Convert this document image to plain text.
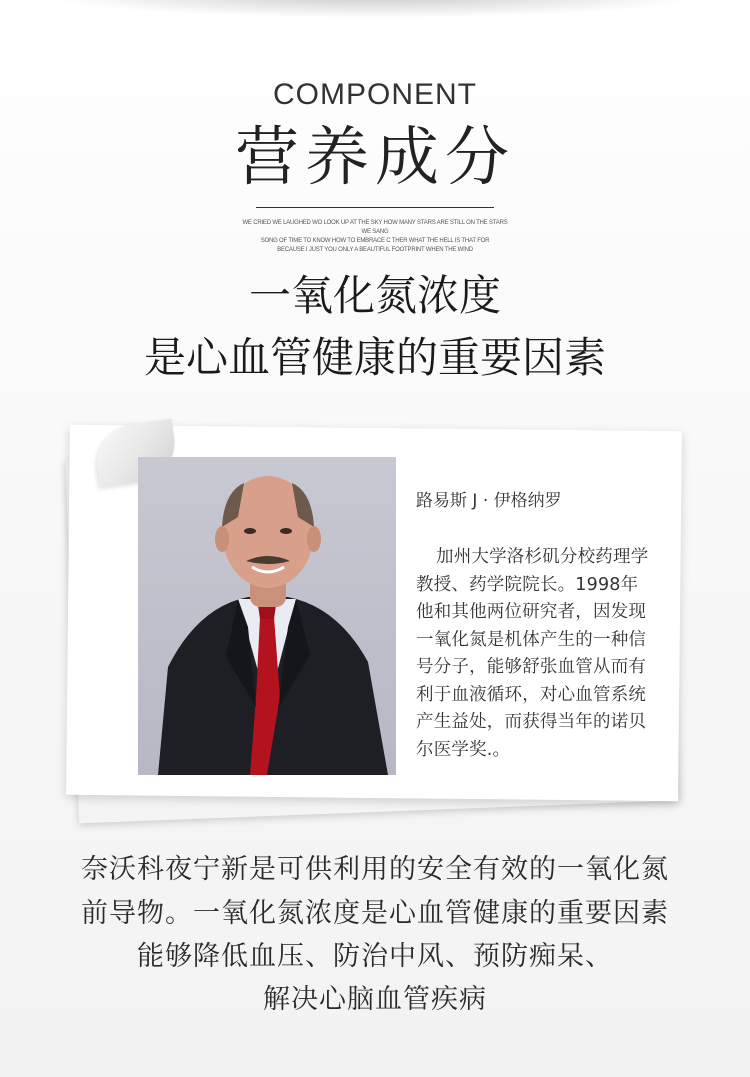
COMPONENT
营养成分
WE CRIED WE LAUGHED WO LOOK UP AT THE SKY HOW MANY STARS ARE STILL ON THE STARS WE SANG
SONG OF TIME TO KNOW HOW TO EMBRACE C THER WHAT THE HELL IS THAT FOR
BECAUSE I JUST YOU ONLY A BEAUTIFUL FOOTPRINT WHEN THE WIND
一氧化氮浓度
是心血管健康的重要因素
路易斯 J · 伊格纳罗
加州大学洛杉矶分校药理学教授、药学院院长。1998年他和其他两位研究者，因发现一氧化氮是机体产生的一种信号分子，能够舒张血管从而有利于血液循环，对心血管系统产生益处，而获得当年的诺贝尔医学奖.。
奈沃科夜宁新是可供利用的安全有效的一氧化氮
前导物。一氧化氮浓度是心血管健康的重要因素
能够降低血压、防治中风、预防痴呆、
解决心脑血管疾病
